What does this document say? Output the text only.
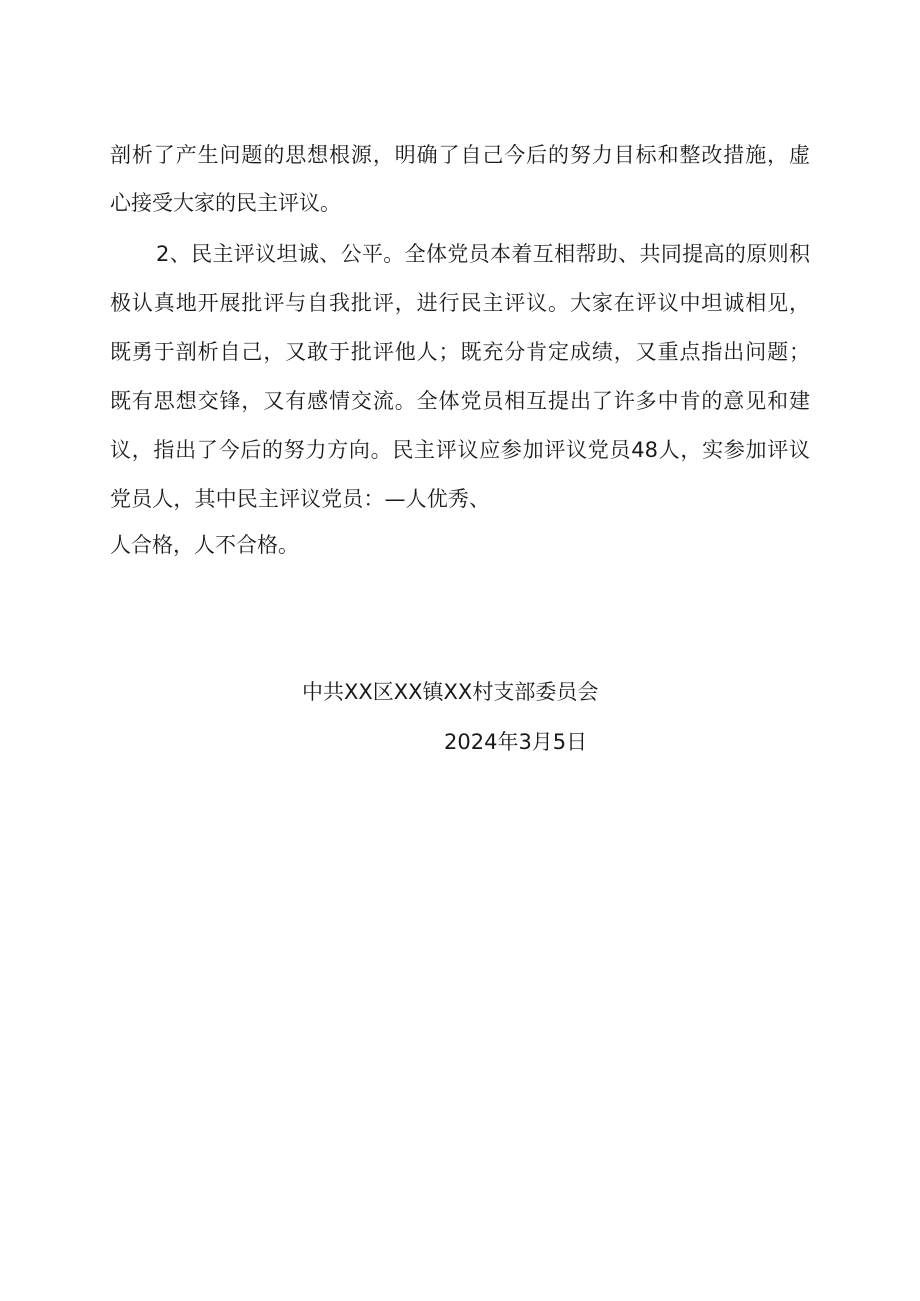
剖析了产生问题的思想根源，明确了自己今后的努力目标和整改措施，虚
心接受大家的民主评议。
2、民主评议坦诚、公平。全体党员本着互相帮助、共同提高的原则积
极认真地开展批评与自我批评，进行民主评议。大家在评议中坦诚相见，
既勇于剖析自己，又敢于批评他人；既充分肯定成绩，又重点指出问题；
既有思想交锋，又有感情交流。全体党员相互提出了许多中肯的意见和建
议，指出了今后的努力方向。民主评议应参加评议党员48人，实参加评议
党员人，其中民主评议党员：—人优秀、
人合格，人不合格。
中共XX区XX镇XX村支部委员会
2024年3月5日
